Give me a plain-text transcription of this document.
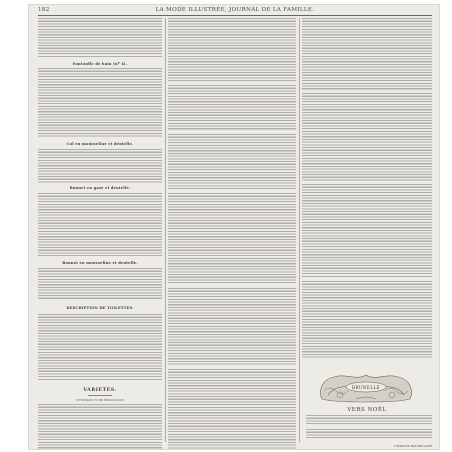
182	LA MODE ILLUSTRÉE, JOURNAL DE LA FAMILLE.
Pantoufle de bain (nº 4).
Col en mousseline et dentelle.
Bonnet en gaze et dentelle.
Bonnet en mousseline et dentelle.
DESCRIPTION DE TOILETTES.
VARIÉTÉS.
LE ROMAN D'UNE ROSSIGNOLE
BRUNELLE
VERS NOËL
CHARLES BAUDELAIRE
